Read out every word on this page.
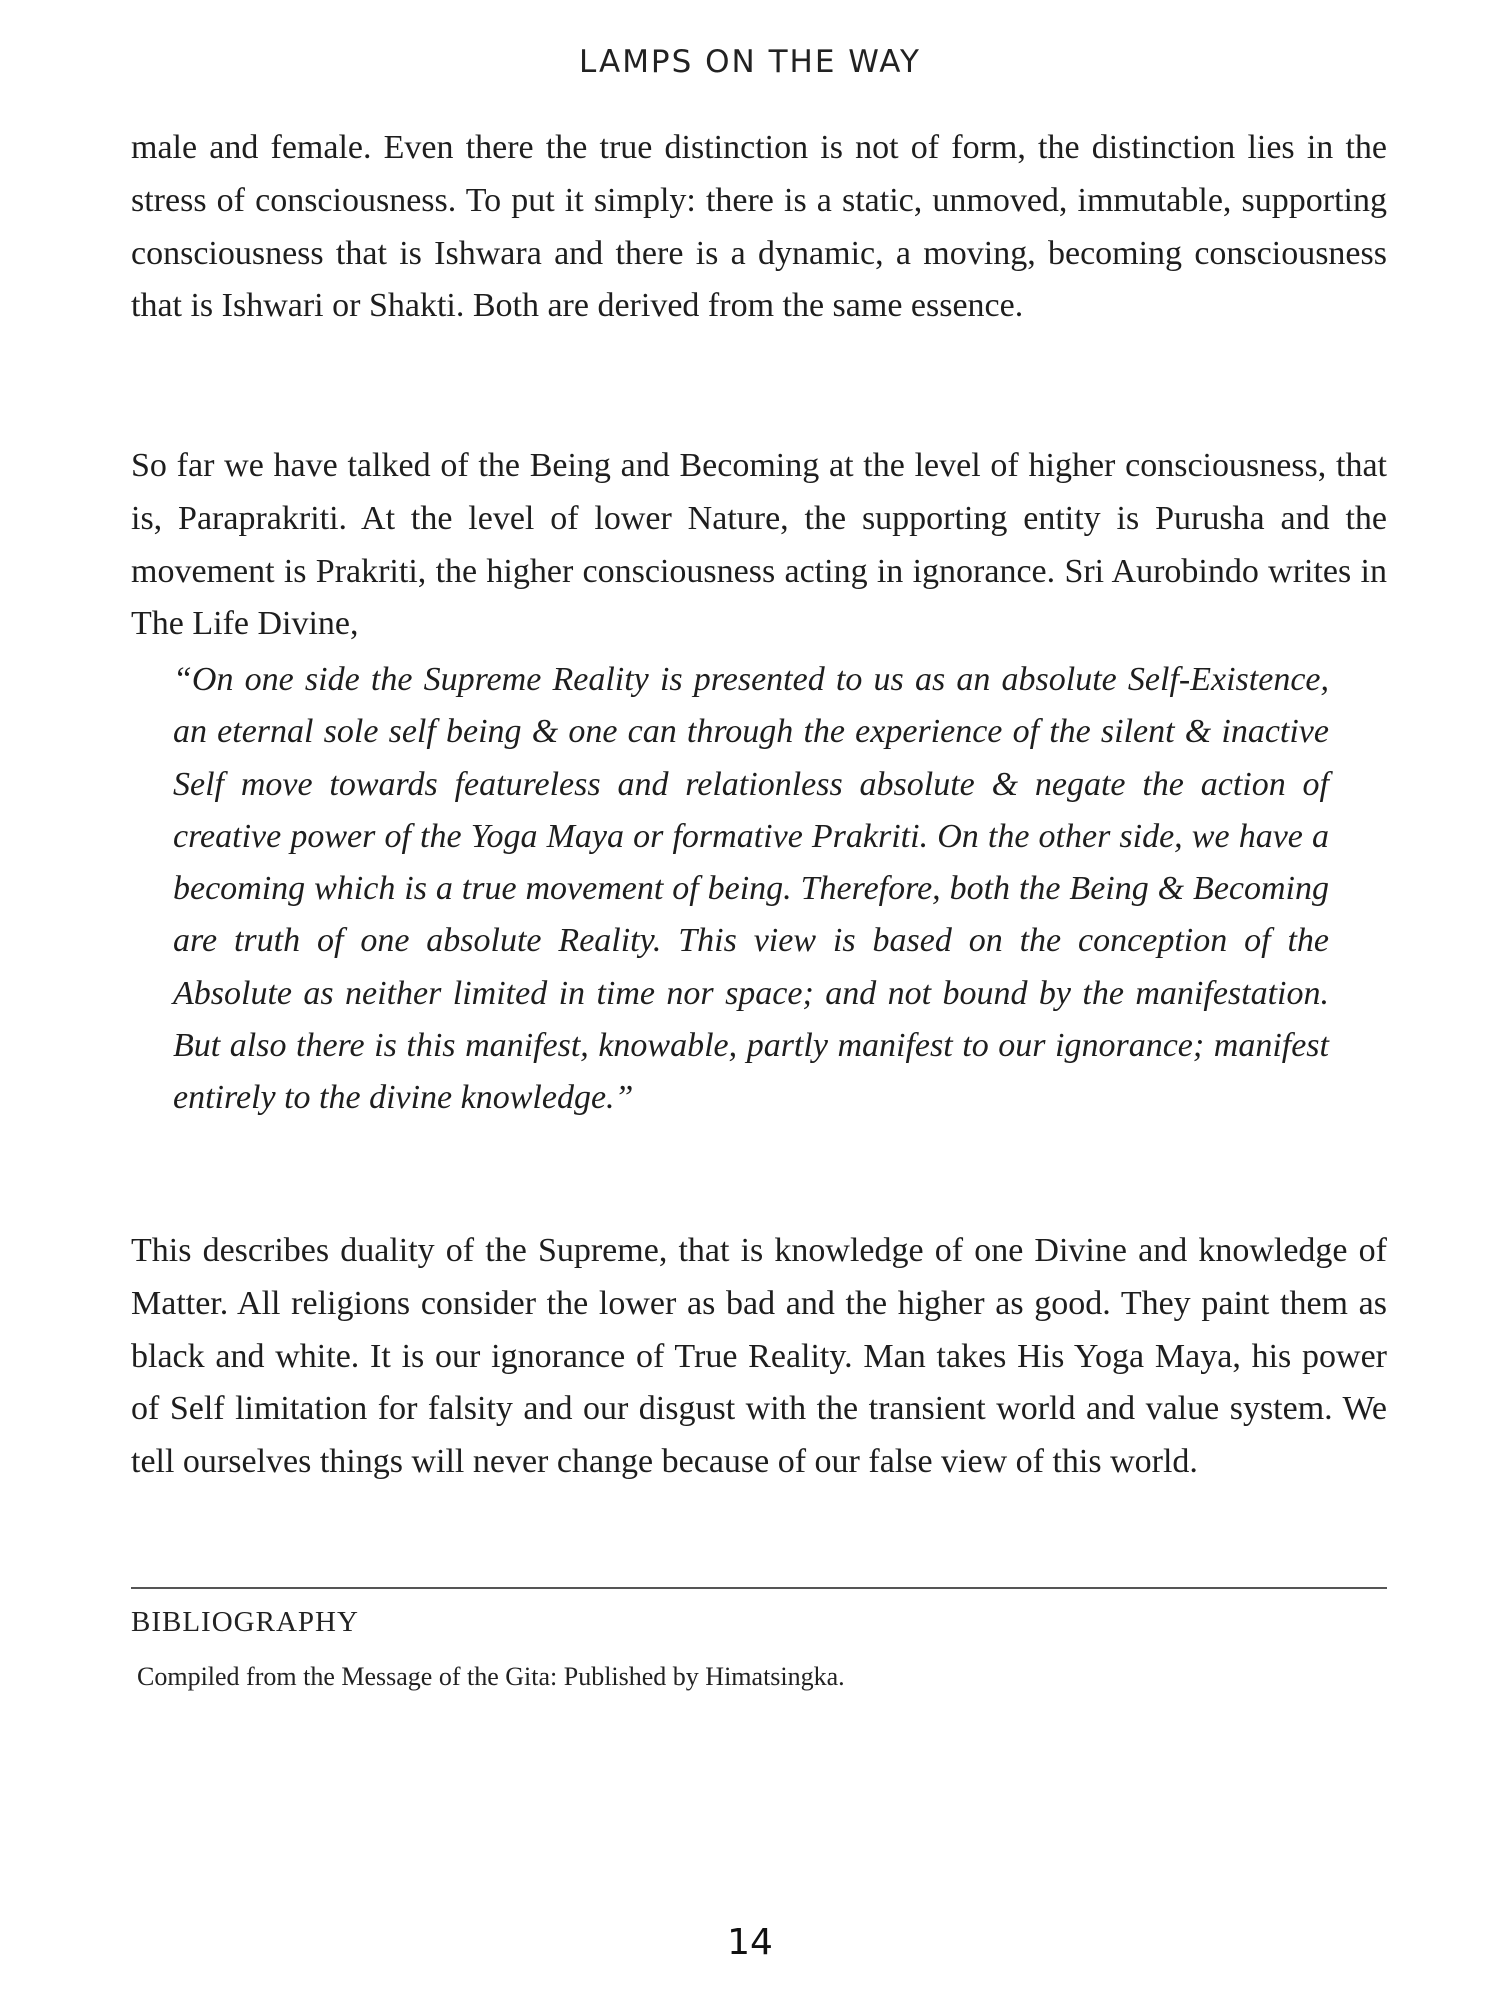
LAMPS ON THE WAY

male and female. Even there the true distinction is not of form, the distinction lies in the stress of consciousness. To put it simply: there is a static, unmoved, immutable, supporting consciousness that is Ishwara and there is a dynamic, a moving, becoming consciousness that is Ishwari or Shakti. Both are derived from the same essence.

So far we have talked of the Being and Becoming at the level of higher consciousness, that is, Paraprakriti. At the level of lower Nature, the supporting entity is Purusha and the movement is Prakriti, the higher consciousness acting in ignorance. Sri Aurobindo writes in The Life Divine,

“On one side the Supreme Reality is presented to us as an absolute Self-Existence, an eternal sole self being & one can through the experience of the silent & inactive Self move towards featureless and relationless absolute & negate the action of creative power of the Yoga Maya or formative Prakriti. On the other side, we have a becoming which is a true movement of being. Therefore, both the Being & Becoming are truth of one absolute Reality. This view is based on the conception of the Absolute as neither limited in time nor space; and not bound by the manifestation. But also there is this manifest, knowable, partly manifest to our ignorance; manifest entirely to the divine knowledge.”

This describes duality of the Supreme, that is knowledge of one Divine and knowledge of Matter. All religions consider the lower as bad and the higher as good. They paint them as black and white. It is our ignorance of True Reality. Man takes His Yoga Maya, his power of Self limitation for falsity and our disgust with the transient world and value system. We tell ourselves things will never change because of our false view of this world.

BIBLIOGRAPHY
Compiled from the Message of the Gita: Published by Himatsingka.
14
